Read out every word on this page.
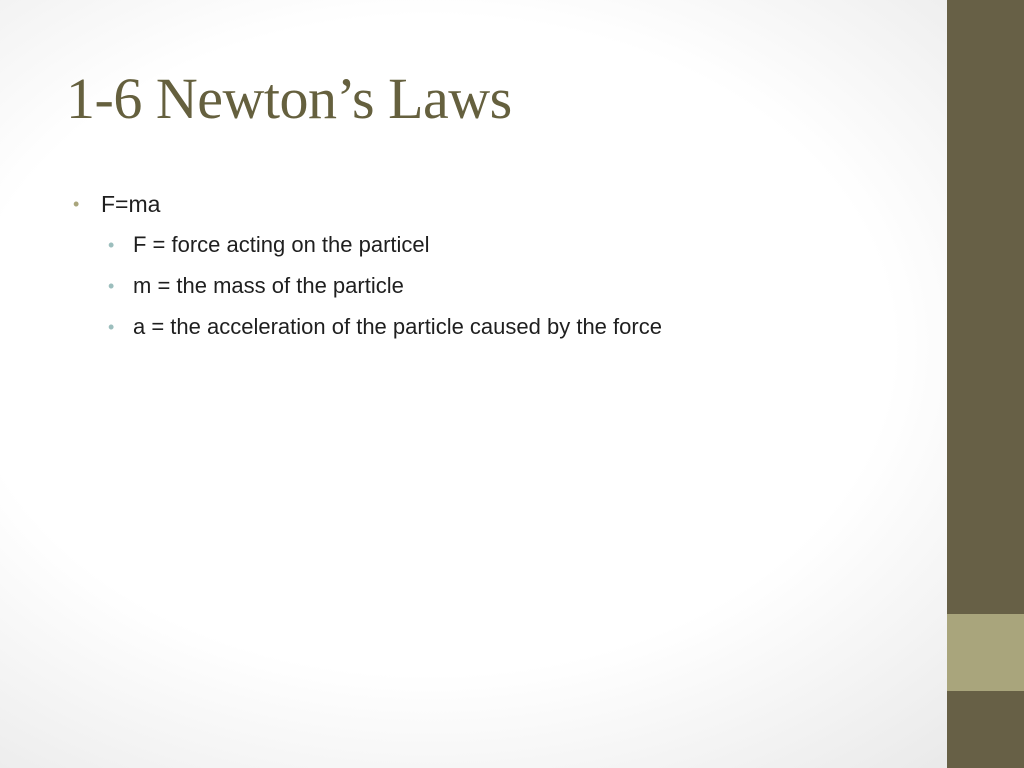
1-6 Newton’s Laws
• F=ma
• F = force acting on the particel
• m = the mass of the particle
• a = the acceleration of the particle caused by the force
